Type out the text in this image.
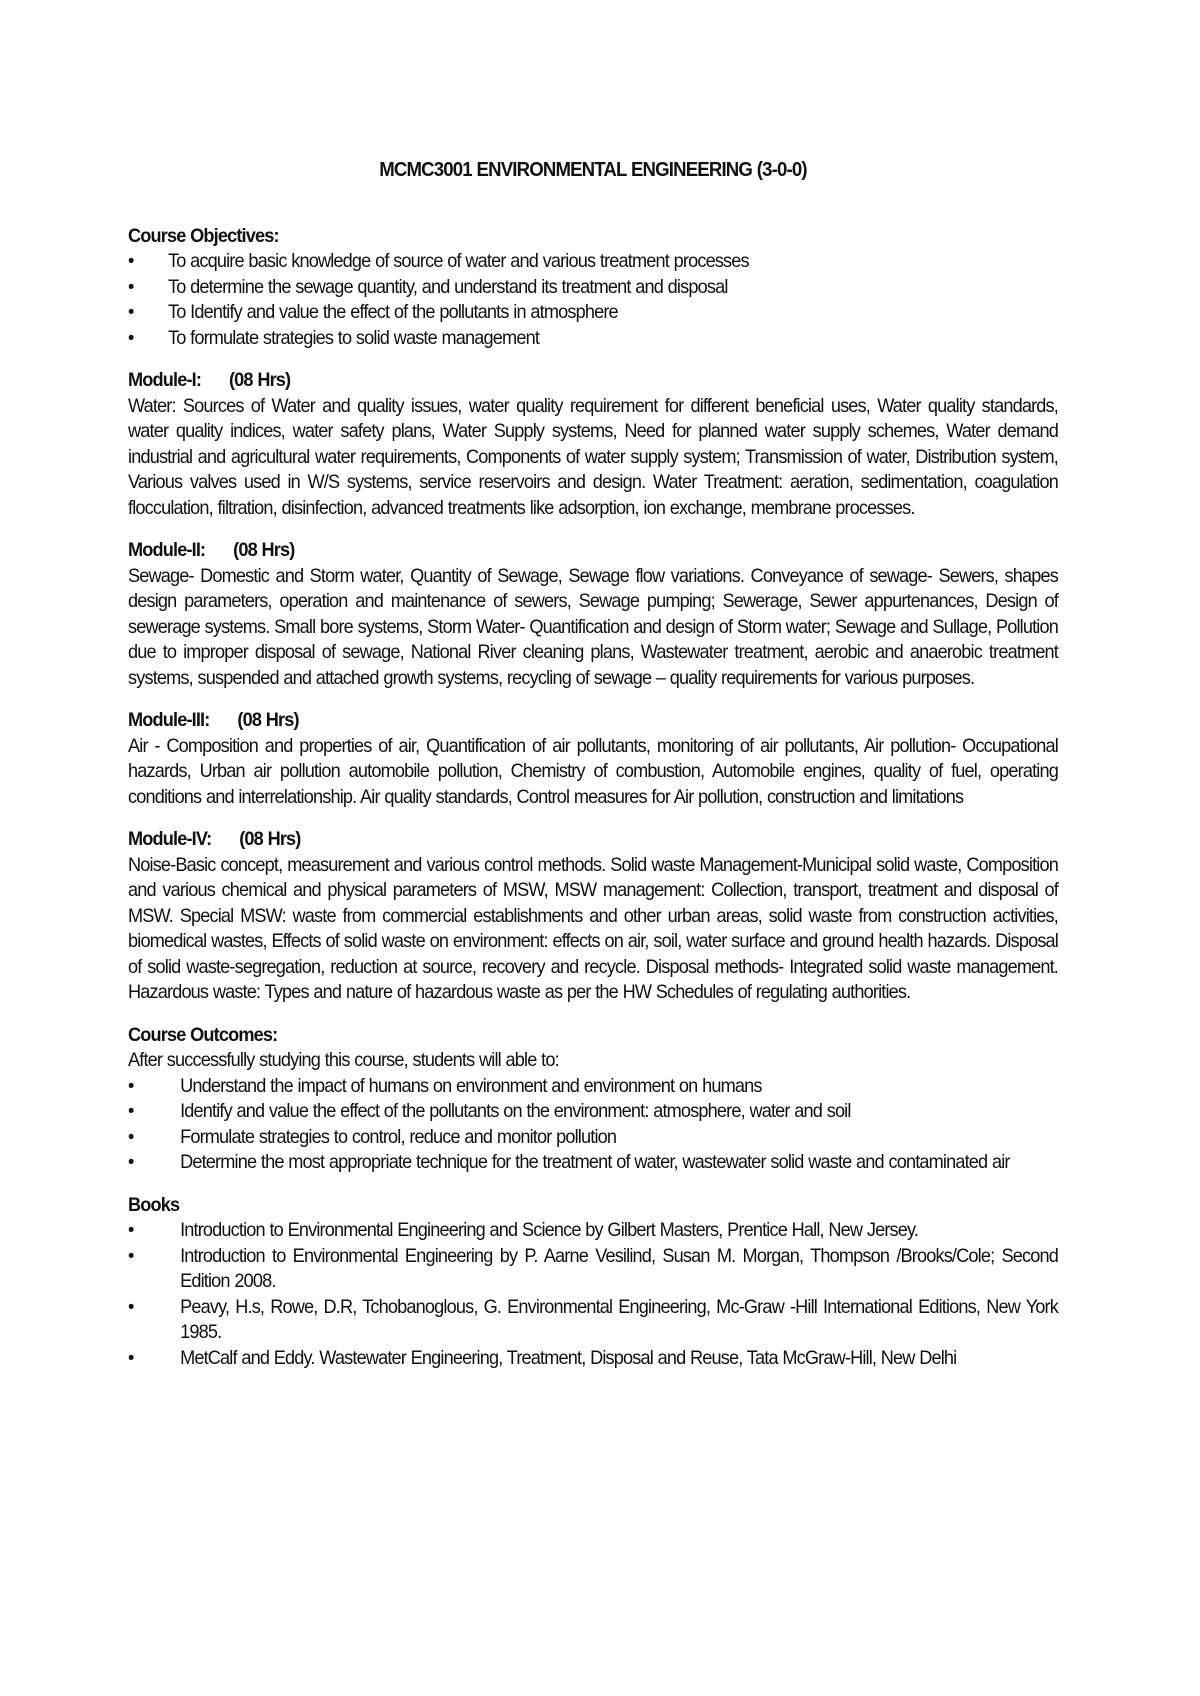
MCMC3001 ENVIRONMENTAL ENGINEERING (3-0-0)
Course Objectives:
• To acquire basic knowledge of source of water and various treatment processes
• To determine the sewage quantity, and understand its treatment and disposal
• To Identify and value the effect of the pollutants in atmosphere
• To formulate strategies to solid waste management
Module-I: (08 Hrs)
Water: Sources of Water and quality issues, water quality requirement for different beneficial uses, Water quality standards, water quality indices, water safety plans, Water Supply systems, Need for planned water supply schemes, Water demand industrial and agricultural water requirements, Components of water supply system; Transmission of water, Distribution system, Various valves used in W/S systems, service reservoirs and design. Water Treatment: aeration, sedimentation, coagulation flocculation, filtration, disinfection, advanced treatments like adsorption, ion exchange, membrane processes.
Module-II: (08 Hrs)
Sewage- Domestic and Storm water, Quantity of Sewage, Sewage flow variations. Conveyance of sewage- Sewers, shapes design parameters, operation and maintenance of sewers, Sewage pumping; Sewerage, Sewer appurtenances, Design of sewerage systems. Small bore systems, Storm Water- Quantification and design of Storm water; Sewage and Sullage, Pollution due to improper disposal of sewage, National River cleaning plans, Wastewater treatment, aerobic and anaerobic treatment systems, suspended and attached growth systems, recycling of sewage – quality requirements for various purposes.
Module-III: (08 Hrs)
Air - Composition and properties of air, Quantification of air pollutants, monitoring of air pollutants, Air pollution- Occupational hazards, Urban air pollution automobile pollution, Chemistry of combustion, Automobile engines, quality of fuel, operating conditions and interrelationship. Air quality standards, Control measures for Air pollution, construction and limitations
Module-IV: (08 Hrs)
Noise-Basic concept, measurement and various control methods. Solid waste Management-Municipal solid waste, Composition and various chemical and physical parameters of MSW, MSW management: Collection, transport, treatment and disposal of MSW. Special MSW: waste from commercial establishments and other urban areas, solid waste from construction activities, biomedical wastes, Effects of solid waste on environment: effects on air, soil, water surface and ground health hazards. Disposal of solid waste-segregation, reduction at source, recovery and recycle. Disposal methods- Integrated solid waste management. Hazardous waste: Types and nature of hazardous waste as per the HW Schedules of regulating authorities.
Course Outcomes:
After successfully studying this course, students will able to:
• Understand the impact of humans on environment and environment on humans
• Identify and value the effect of the pollutants on the environment: atmosphere, water and soil
• Formulate strategies to control, reduce and monitor pollution
• Determine the most appropriate technique for the treatment of water, wastewater solid waste and contaminated air
Books
• Introduction to Environmental Engineering and Science by Gilbert Masters, Prentice Hall, New Jersey.
• Introduction to Environmental Engineering by P. Aarne Vesilind, Susan M. Morgan, Thompson /Brooks/Cole; Second Edition 2008.
• Peavy, H.s, Rowe, D.R, Tchobanoglous, G. Environmental Engineering, Mc-Graw -Hill International Editions, New York 1985.
• MetCalf and Eddy. Wastewater Engineering, Treatment, Disposal and Reuse, Tata McGraw-Hill, New Delhi
